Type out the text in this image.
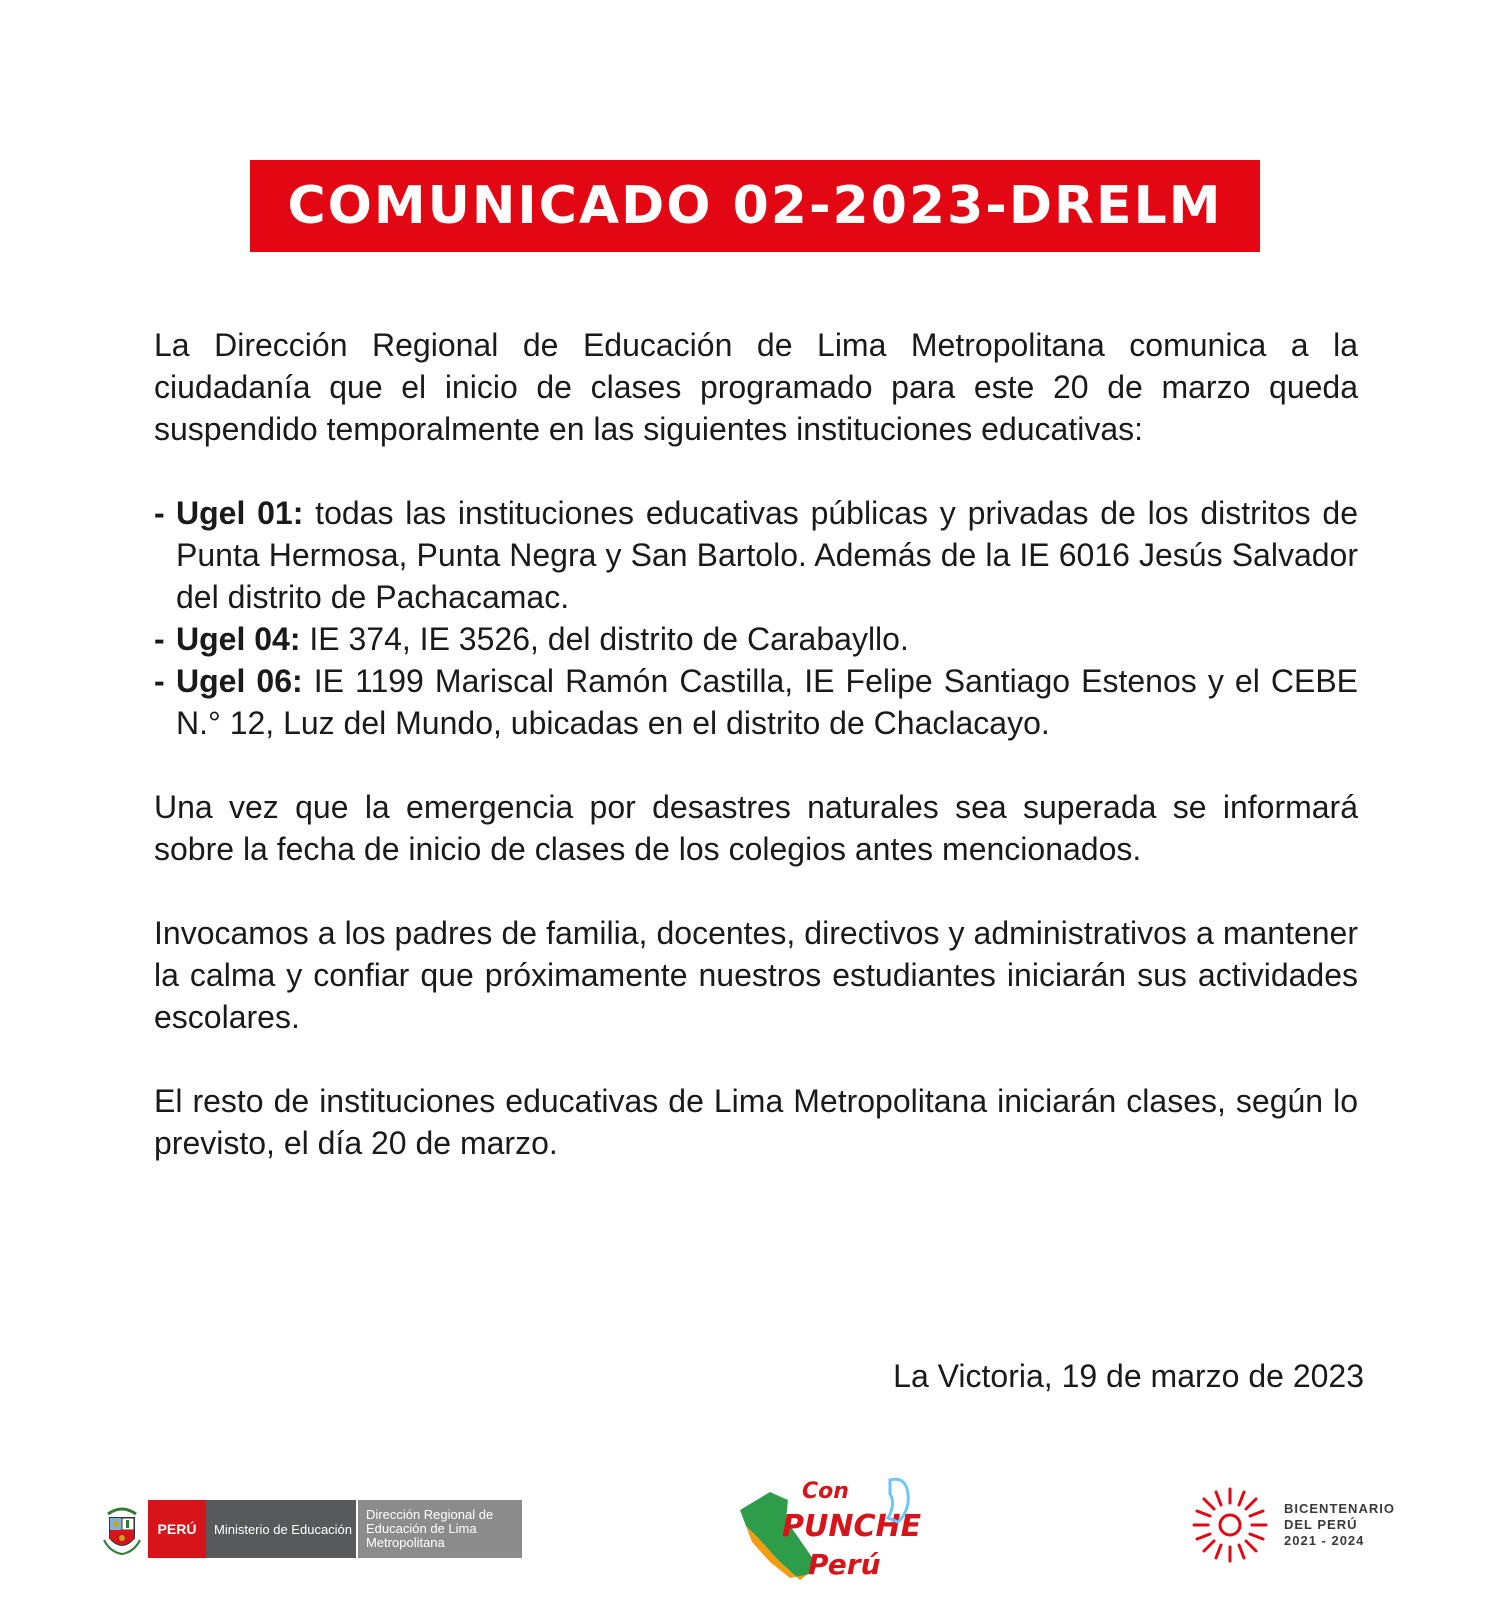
COMUNICADO 02-2023-DRELM

La Dirección Regional de Educación de Lima Metropolitana comunica a la ciudadanía que el inicio de clases programado para este 20 de marzo queda suspendido temporalmente en las siguientes instituciones educativas:

- Ugel 01: todas las instituciones educativas públicas y privadas de los distritos de Punta Hermosa, Punta Negra y San Bartolo. Además de la IE 6016 Jesús Salvador del distrito de Pachacamac.
- Ugel 04: IE 374, IE 3526, del distrito de Carabayllo.
- Ugel 06: IE 1199 Mariscal Ramón Castilla, IE Felipe Santiago Estenos y el CEBE N.° 12, Luz del Mundo, ubicadas en el distrito de Chaclacayo.

Una vez que la emergencia por desastres naturales sea superada se informará sobre la fecha de inicio de clases de los colegios antes mencionados.

Invocamos a los padres de familia, docentes, directivos y administrativos a mantener la calma y confiar que próximamente nuestros estudiantes iniciarán sus actividades escolares.

El resto de instituciones educativas de Lima Metropolitana iniciarán clases, según lo previsto, el día 20 de marzo.

La Victoria, 19 de marzo de 2023
PERÚ	Ministerio de Educación
Dirección Regional de Educación de Lima Metropolitana
Con
PUNCHE
Perú
BICENTENARIO
DEL PERÚ
2021 - 2024
